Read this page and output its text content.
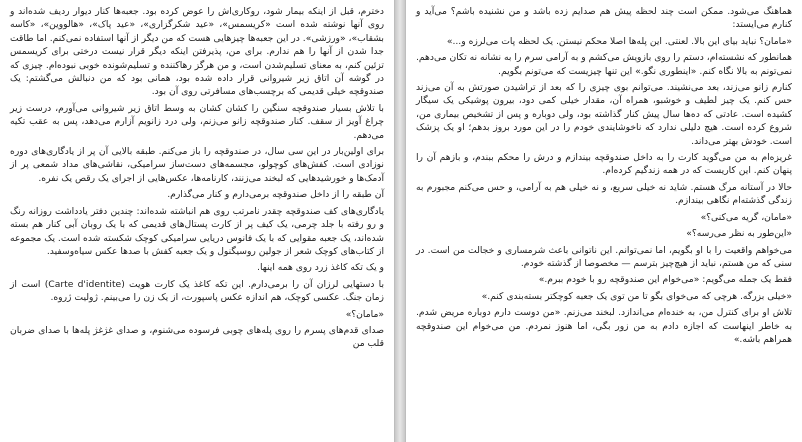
دخترم، قبل از اینکه بیمار شود، روکاری‌اش را عوض کرده بود. جعبه‌ها کنار دیوار ردیف شده‌اند و روی آنها نوشته شده است «کریسمس»، «عید شکرگزاری»، «عید پاک»، «هالووین»، «کاسه بشقاب»، «ورزشی». در این جعبه‌ها چیزهایی هست که من دیگر از آنها استفاده نمی‌کنم. اما طاقت جدا شدن از آنها را هم ندارم. برای من، پذیرفتن اینکه دیگر قرار نیست درختی برای کریسمس تزئین کنم، به معنای تسلیم‌شدن است، و من هرگز رهاکننده و تسلیم‌شونده خوبی نبوده‌ام. چیزی که در گوشه آن اتاق زیر شیروانی قرار داده شده بود، همانی بود که من دنبالش می‌گشتم: یک صندوقچه خیلی قدیمی که برچسب‌های مسافرتی روی آن بود.

با تلاش بسیار صندوقچه سنگین را کشان کشان به وسط اتاق زیر شیروانی می‌آورم، درست زیر چراغ آویز از سقف. کنار صندوقچه زانو می‌زنم، ولی درد زانویم آزارم می‌دهد، پس به عقب تکیه می‌دهم.

برای اولین‌بار در این سی سال، در صندوقچه را باز می‌کنم. طبقه بالایی آن پر از یادگاری‌های دوره نوزادی است. کفش‌های کوچولو، مجسمه‌های دست‌ساز سرامیکی، نقاشی‌های مداد شمعی پر از آدمک‌ها و خورشیدهایی که لبخند می‌زنند، کارنامه‌ها، عکس‌هایی از اجرای یک رقص یک نفره.

آن طبقه را از داخل صندوقچه برمی‌دارم و کنار می‌گذارم.

یادگاری‌های کف صندوقچه چقدر نامرتب روی هم انباشته شده‌اند: چندین دفتر یادداشت روزانه رنگ و رو رفته با جلد چرمی، یک کیف پر از کارت پستال‌های قدیمی که با یک روبان آبی کنار هم بسته شده‌اند، یک جعبه مقوایی که با یک فانوس دریایی سرامیکی کوچک شکسته شده است. یک مجموعه از کتاب‌های کوچک شعر از جولین روسیگنول و یک جعبه کفش با صدها عکس سیاه‌وسفید.

و یک تکه کاغذ زرد روی همه اینها.

با دستهایی لرزان آن را برمی‌دارم. این تکه کاغذ یک کارت هویت (Carte d'identite) است از زمان جنگ. عکسی کوچک، هم اندازه عکس پاسپورت، از یک زن را می‌بینم. ژولیت ژروه.

«مامان؟»

صدای قدم‌های پسرم را روی پله‌های چوبی فرسوده می‌شنوم، و صدای غژغژ پله‌ها با صدای ضربان قلب من

هماهنگ می‌شود. ممکن است چند لحظه پیش هم صدایم زده باشد و من نشنیده باشم؟ می‌آید و کنارم می‌ایستد:

«مامان؟ نباید بیای این بالا. لعنتی. این پله‌ها اصلا محکم نیستن. یک لحظه پات می‌لرزه و...»

همانطور که نشسته‌ام، دستم را روی بازویش می‌کشم و به آرامی سرم را به نشانه نه تکان می‌دهم. نمی‌تونم به بالا نگاه کنم. «اینطوری نگو.» این تنها چیزیست که می‌تونم بگویم.

کنارم زانو می‌زند، بعد می‌نشیند. می‌توانم بوی چیزی را که بعد از تراشیدن صورتش به آن می‌زند حس کنم. یک چیز لطیف و خوشبو، همراه آن، مقدار خیلی کمی دود، بیرون پوشیکی یک سیگار کشیده است. عادتی که ده‌ها سال پیش کنار گذاشته بود، ولی دوباره و پس از تشخیص بیماری من، شروع کرده است. هیچ دلیلی ندارد که ناخوشایندی خودم را در این مورد بروز بدهم؛ او یک پزشک است. خودش بهتر می‌داند.

غریزه‌ام به من می‌گوید کارت را به داخل صندوقچه بیندازم و درش را محکم ببندم، و بازهم آن را پنهان کنم. این کاریست که در همه زندگیم کرده‌ام.

حالا در آستانه مرگ هستم. شاید نه خیلی سریع، و نه خیلی هم به آرامی، و حس می‌کنم مجبورم به زندگی گذشته‌ام نگاهی بیندازم.

«مامان، گریه می‌کنی؟»

«این‌طور به نظر می‌رسه؟»

می‌خواهم واقعیت را با او بگویم، اما نمی‌توانم. این ناتوانی باعث شرمساری و خجالت من است. در سنی که من هستم، نباید از هیچ‌چیز بترسم — مخصوصا از گذشته خودم.

فقط یک جمله می‌گویم: «می‌خوام این صندوقچه رو با خودم ببرم.»

«خیلی بزرگه. هرچی که می‌خوای بگو تا من توی یک جعبه کوچکتر بسته‌بندی کنم.»

تلاش او برای کنترل من، به خنده‌ام می‌اندازد. لبخند می‌زنم. «من دوست دارم دوباره مریض شدم. به خاطر اینهاست که اجازه دادم به من زور بگی، اما هنوز نمردم. من می‌خوام این صندوقچه همراهم باشه.»
